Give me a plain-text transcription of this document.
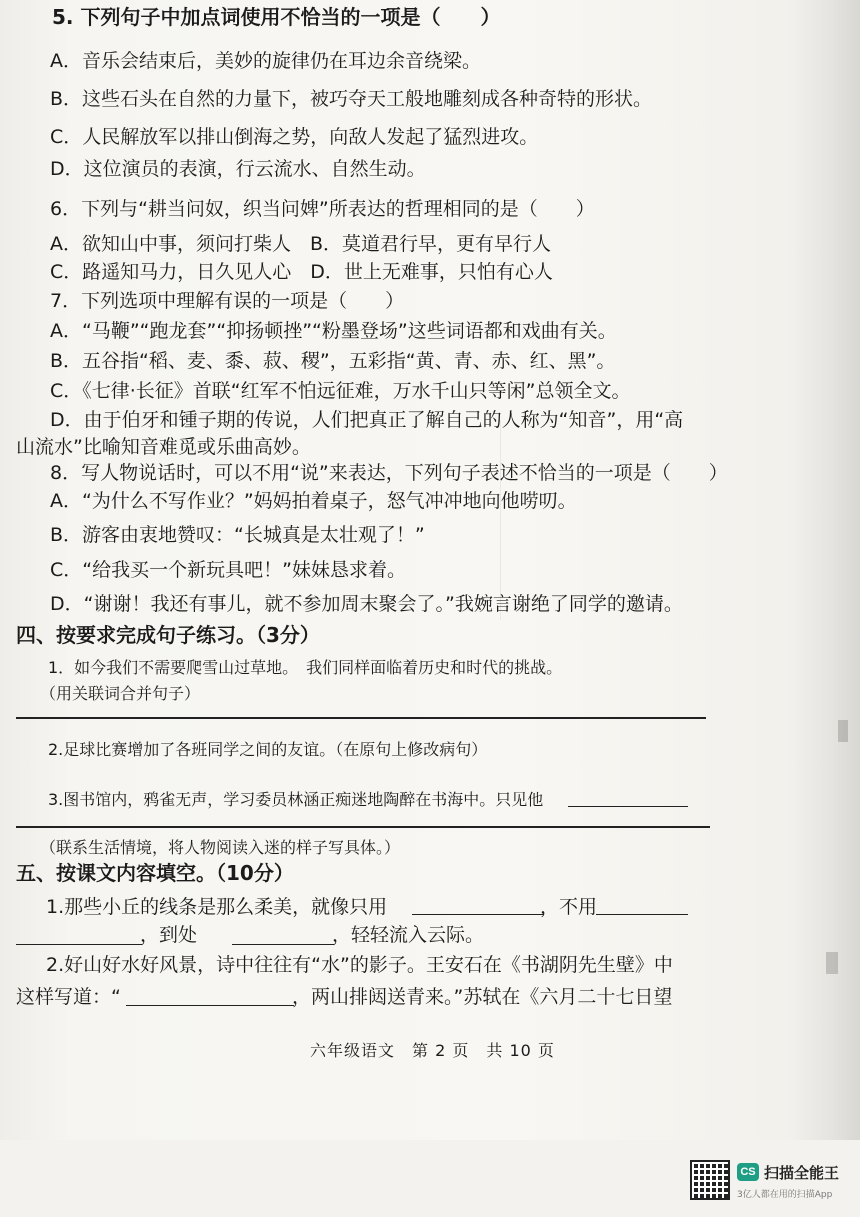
5. 下列句子中加点词使用不恰当的一项是（　　）
A．音乐会结束后，美妙的旋律仍在耳边余音绕梁。
B．这些石头在自然的力量下，被巧夺天工般地雕刻成各种奇特的形状。
C．人民解放军以排山倒海之势，向敌人发起了猛烈进攻。
D．这位演员的表演，行云流水、自然生动。
6．下列与“耕当问奴，织当问婢”所表达的哲理相同的是（　　）
A．欲知山中事，须问打柴人　B．莫道君行早，更有早行人
C．路遥知马力，日久见人心　D．世上无难事，只怕有心人
7．下列选项中理解有误的一项是（　　）
A．“马鞭”“跑龙套”“抑扬顿挫”“粉墨登场”这些词语都和戏曲有关。
B．五谷指“稻、麦、黍、菽、稷”，五彩指“黄、青、赤、红、黑”。
C．《七律·长征》首联“红军不怕远征难，万水千山只等闲”总领全文。
D．由于伯牙和锺子期的传说，人们把真正了解自己的人称为“知音”，用“高
山流水”比喻知音难觅或乐曲高妙。
8．写人物说话时，可以不用“说”来表达，下列句子表述不恰当的一项是（　　）
A．“为什么不写作业？”妈妈拍着桌子，怒气冲冲地向他唠叨。
B．游客由衷地赞叹：“长城真是太壮观了！”
C．“给我买一个新玩具吧！”妹妹恳求着。
D．“谢谢！我还有事儿，就不参加周末聚会了。”我婉言谢绝了同学的邀请。
四、按要求完成句子练习。（3分）
1．如今我们不需要爬雪山过草地。　我们同样面临着历史和时代的挑战。
（用关联词合并句子）
2.足球比赛增加了各班同学之间的友谊。（在原句上修改病句）
3.图书馆内，鸦雀无声，学习委员林涵正痴迷地陶醉在书海中。只见他
（联系生活情境，将人物阅读入迷的样子写具体。）
五、按课文内容填空。（10分）
1.那些小丘的线条是那么柔美，就像只用	，不用
，到处	，轻轻流入云际。
2.好山好水好风景，诗中往往有“水”的影子。王安石在《书湖阴先生壁》中
这样写道：“	，两山排闼送青来。”苏轼在《六月二十七日望
六年级语文　第 2 页　共 10 页
CS 扫描全能王
3亿人都在用的扫描App
